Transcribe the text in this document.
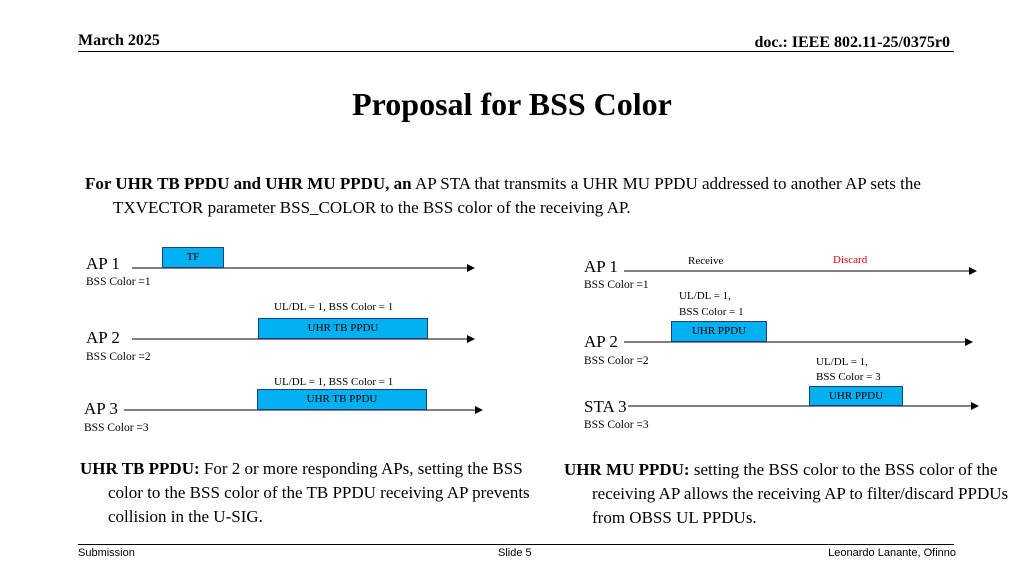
March 2025	doc.: IEEE 802.11-25/0375r0
Proposal for BSS Color
For UHR TB PPDU and UHR MU PPDU, an AP STA that transmits a UHR MU PPDU addressed to another AP sets the TXVECTOR parameter BSS_COLOR to the BSS color of the receiving AP.
AP 1
BSS Color =1
TF
UL/DL = 1, BSS Color = 1
AP 2
BSS Color =2
UHR TB PPDU
UL/DL = 1, BSS Color = 1
AP 3
BSS Color =3
UHR TB PPDU
UHR TB PPDU: For 2 or more responding APs, setting the BSS color to the BSS color of the TB PPDU receiving AP prevents collision in the U-SIG.
Receive	Discard
AP 1
BSS Color =1
UL/DL = 1,
BSS Color = 1
UHR PPDU
AP 2
BSS Color =2	UL/DL = 1,
BSS Color = 3
UHR PPDU
STA 3
BSS Color =3
UHR MU PPDU: setting the BSS color to the BSS color of the receiving AP allows the receiving AP to filter/discard PPDUs from OBSS UL PPDUs.
Submission	Slide 5	Leonardo Lanante, Ofinno
